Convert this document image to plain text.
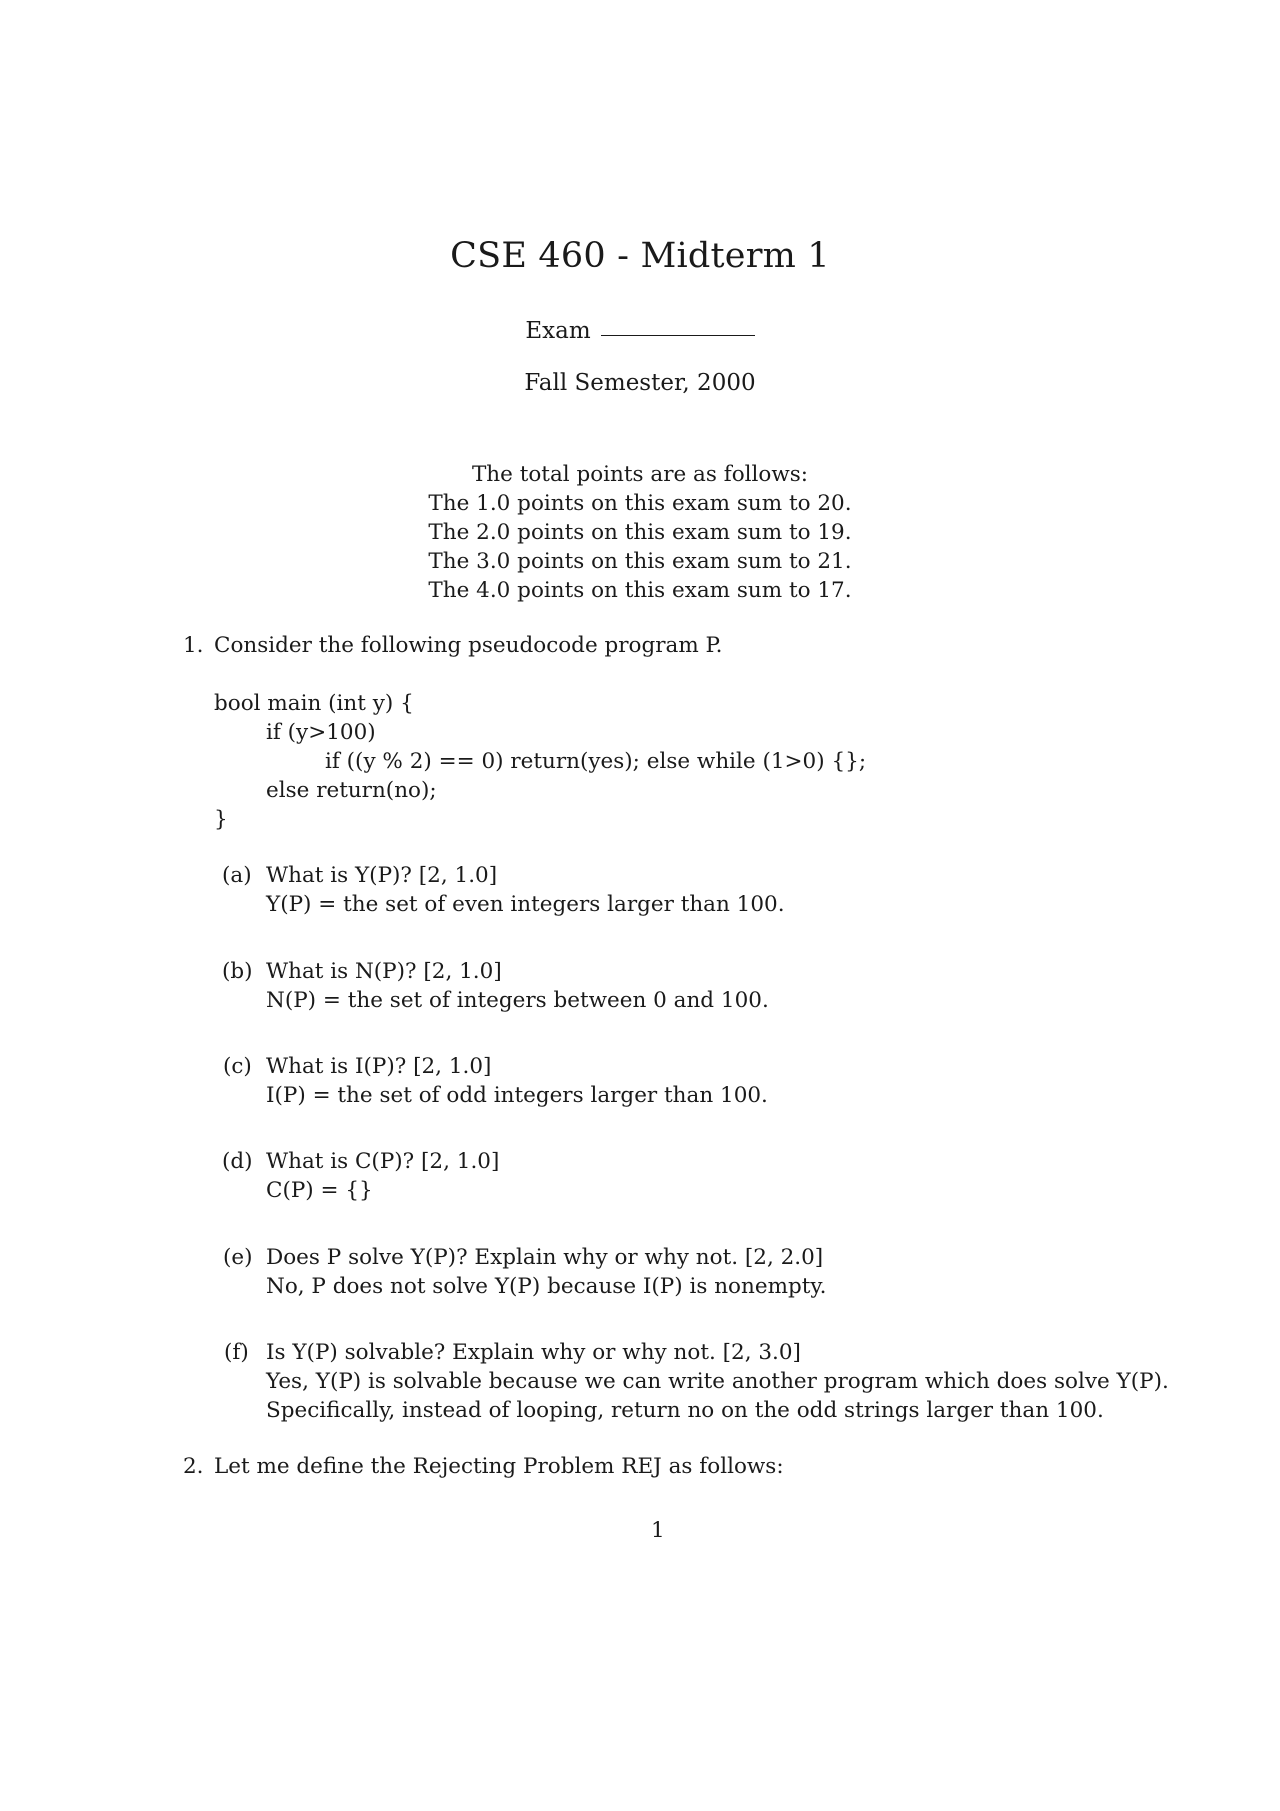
CSE 460 - Midterm 1
Exam
Fall Semester, 2000
The total points are as follows:
The 1.0 points on this exam sum to 20.
The 2.0 points on this exam sum to 19.
The 3.0 points on this exam sum to 21.
The 4.0 points on this exam sum to 17.
1. Consider the following pseudocode program P.
bool main (int y) {
if (y>100)
if ((y % 2) == 0) return(yes); else while (1>0) {};
else return(no);
}
(a) What is Y(P)? [2, 1.0]
Y(P) = the set of even integers larger than 100.
(b) What is N(P)? [2, 1.0]
N(P) = the set of integers between 0 and 100.
(c) What is I(P)? [2, 1.0]
I(P) = the set of odd integers larger than 100.
(d) What is C(P)? [2, 1.0]
C(P) = {}
(e) Does P solve Y(P)? Explain why or why not. [2, 2.0]
No, P does not solve Y(P) because I(P) is nonempty.
(f) Is Y(P) solvable? Explain why or why not. [2, 3.0]
Yes, Y(P) is solvable because we can write another program which does solve Y(P).
Specifically, instead of looping, return no on the odd strings larger than 100.
2. Let me define the Rejecting Problem REJ as follows:
1
